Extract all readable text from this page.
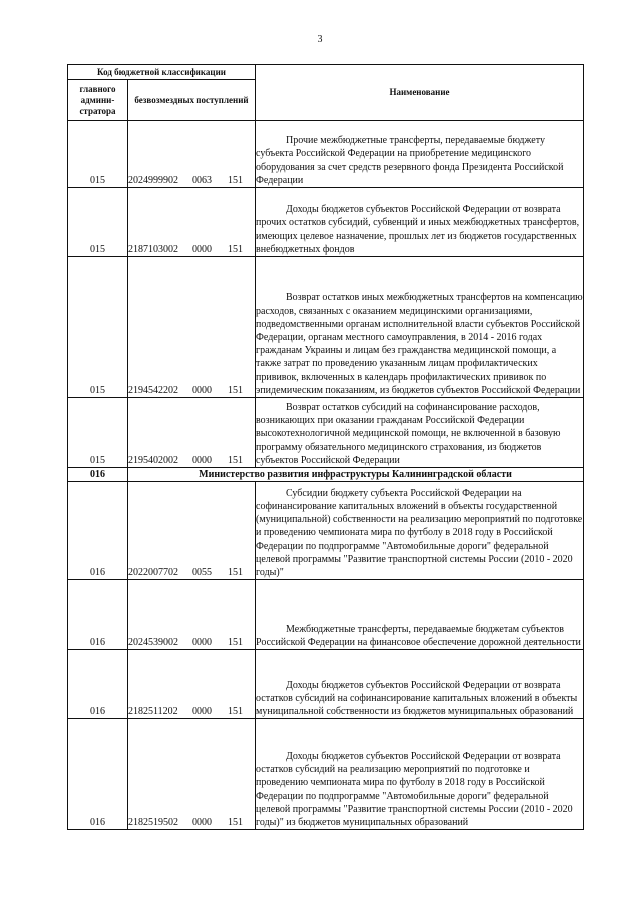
3
Код бюджетной классификации		Наименование
главного админи-стратора	безвозмездных поступлений	
015	2024999902 0063 151	Прочие межбюджетные трансферты, передаваемые бюджету субъекта Российской Федерации на приобретение медицинского оборудования за счет средств резервного фонда Президента Российской Федерации
015	2187103002 0000 151	Доходы бюджетов субъектов Российской Федерации от возврата прочих остатков субсидий, субвенций и иных межбюджетных трансфертов, имеющих целевое назначение, прошлых лет из бюджетов государственных внебюджетных фондов
015	2194542202 0000 151	Возврат остатков иных межбюджетных трансфертов на компенсацию расходов, связанных с оказанием медицинскими организациями, подведомственными органам исполнительной власти субъектов Российской Федерации, органам местного самоуправления, в 2014 - 2016 годах гражданам Украины и лицам без гражданства медицинской помощи, а также затрат по проведению указанным лицам профилактических прививок, включенных в календарь профилактических прививок по эпидемическим показаниям, из бюджетов субъектов Российской Федерации
015	2195402002 0000 151	Возврат остатков субсидий на софинансирование расходов, возникающих при оказании гражданам Российской Федерации высокотехнологичной медицинской помощи, не включенной в базовую программу обязательного медицинского страхования, из бюджетов субъектов Российской Федерации
016	Министерство развития инфраструктуры Калининградской области	
016	2022007702 0055 151	Субсидии бюджету субъекта Российской Федерации на софинансирование капитальных вложений в объекты государственной (муниципальной) собственности на реализацию мероприятий по подготовке и проведению чемпионата мира по футболу в 2018 году в Российской Федерации по подпрограмме "Автомобильные дороги" федеральной целевой программы "Развитие транспортной системы России (2010 - 2020 годы)"
016	2024539002 0000 151	Межбюджетные трансферты, передаваемые бюджетам субъектов Российской Федерации на финансовое обеспечение дорожной деятельности
016	2182511202 0000 151	Доходы бюджетов субъектов Российской Федерации от возврата остатков субсидий на софинансирование капитальных вложений в объекты муниципальной собственности из бюджетов муниципальных образований
016	2182519502 0000 151	Доходы бюджетов субъектов Российской Федерации от возврата остатков субсидий на реализацию мероприятий по подготовке и проведению чемпионата мира по футболу в 2018 году в Российской Федерации по подпрограмме "Автомобильные дороги" федеральной целевой программы "Развитие транспортной системы России (2010 - 2020 годы)" из бюджетов муниципальных образований
